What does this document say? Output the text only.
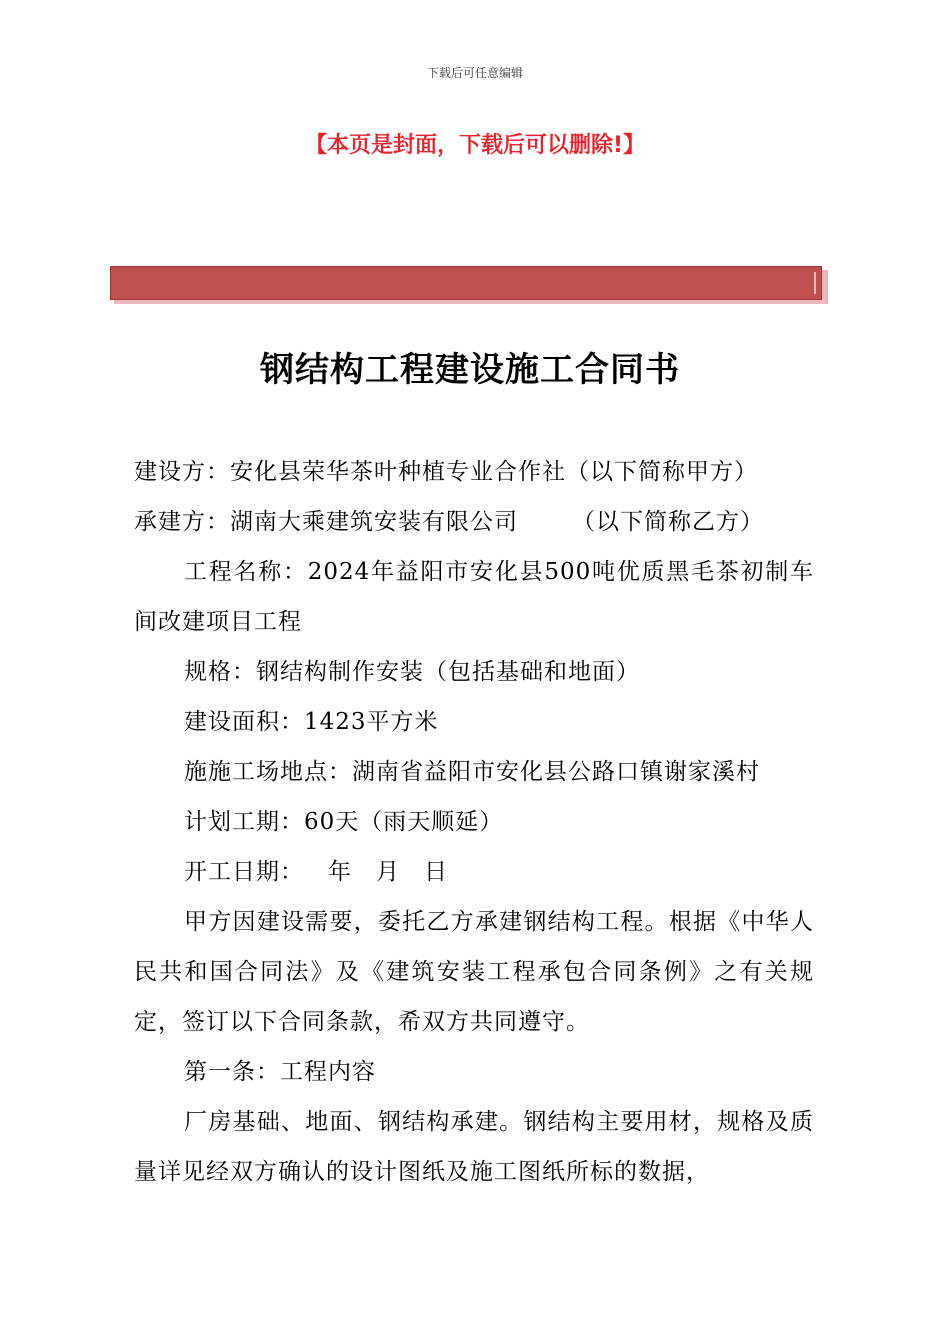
下载后可任意编辑
【本页是封面，下载后可以删除!】
钢结构工程建设施工合同书

建设方：安化县荣华茶叶种植专业合作社（以下简称甲方）

承建方：湖南大乘建筑安装有限公司 （以下简称乙方）

工程名称：2024年益阳市安化县500吨优质黑毛茶初制车间改建项目工程

规格：钢结构制作安装（包括基础和地面）

建设面积：1423平方米

施施工场地点：湖南省益阳市安化县公路口镇谢家溪村

计划工期：60天（雨天顺延）

开工日期： 年 月 日

甲方因建设需要，委托乙方承建钢结构工程。根据《中华人民共和国合同法》及《建筑安装工程承包合同条例》之有关规定，签订以下合同条款，希双方共同遵守。

第一条：工程内容

厂房基础、地面、钢结构承建。钢结构主要用材，规格及质量详见经双方确认的设计图纸及施工图纸所标的数据，
